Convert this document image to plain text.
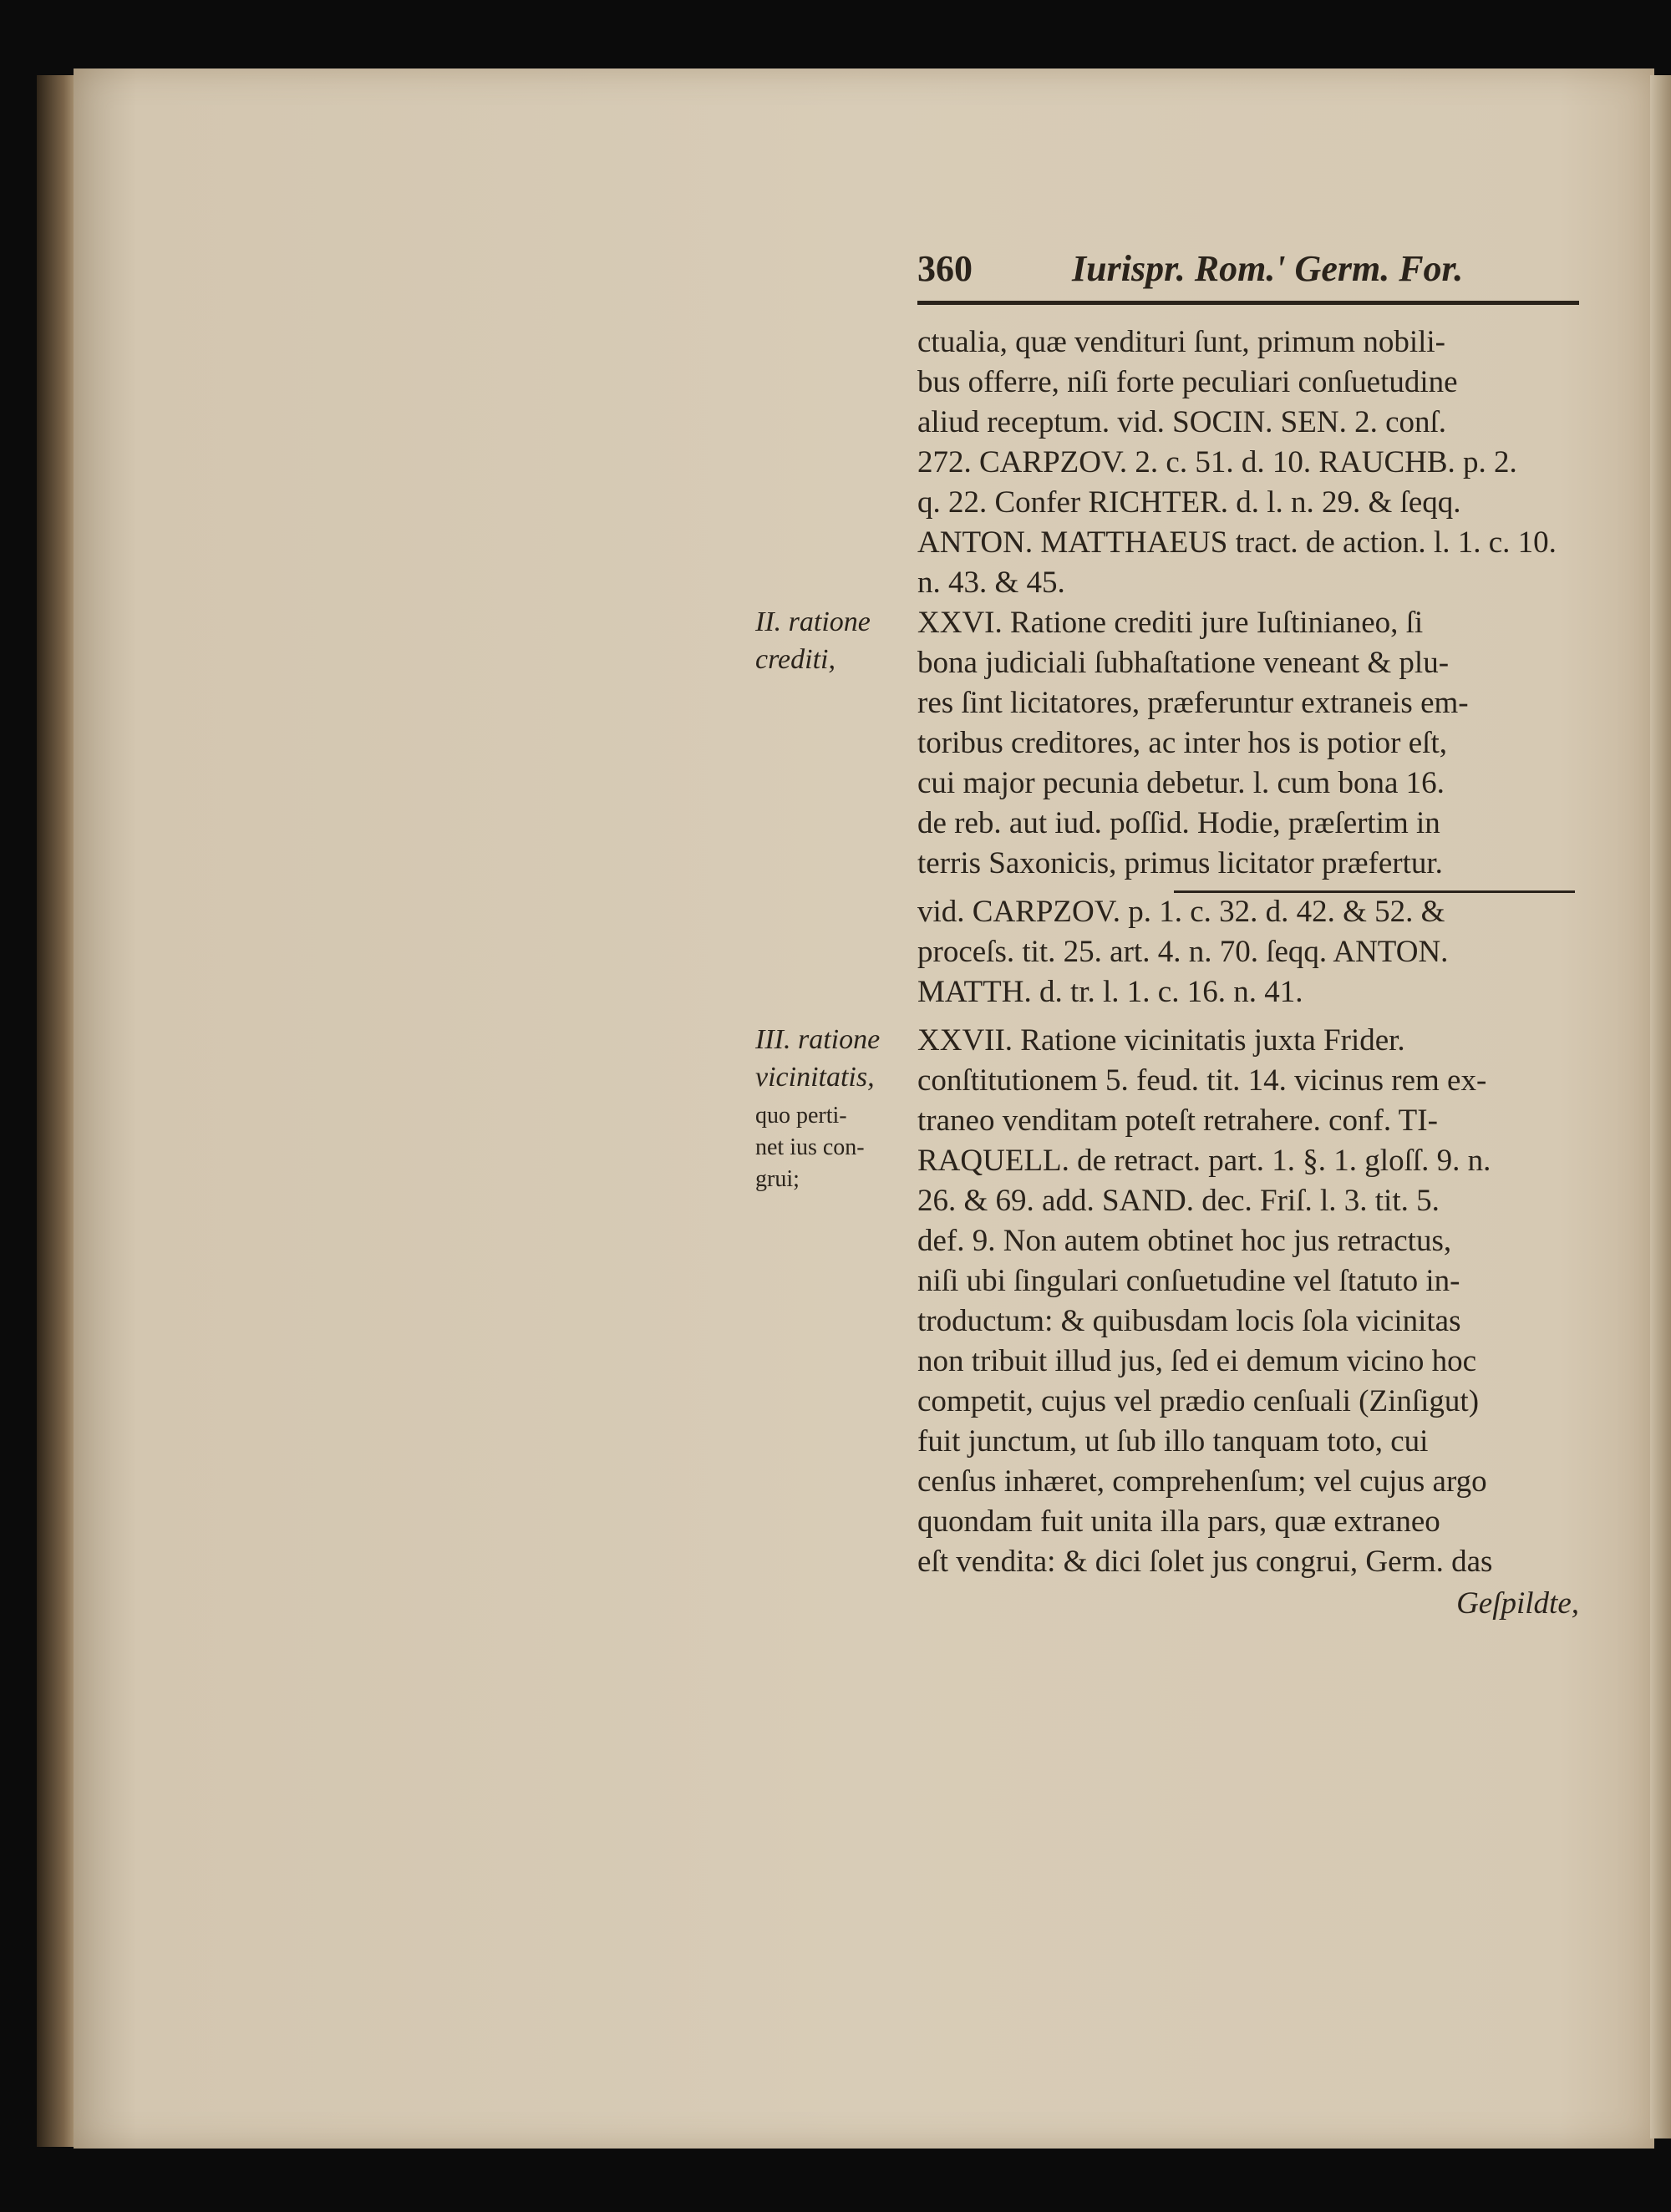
360	Iurispr. Rom.' Germ. For.
ctualia, quæ vendituri ſunt, primum nobili-
bus offerre, niſi forte peculiari conſuetudine
aliud receptum. vid. SOCIN. SEN. 2. conſ.
272. CARPZOV. 2. c. 51. d. 10. RAUCHB. p. 2.
q. 22. Confer RICHTER. d. l. n. 29. & ſeqq.
ANTON. MATTHAEUS tract. de action. l. 1. c. 10.
n. 43. & 45.
XXVI. Ratione crediti jure Iuſtinianeo, ſi
bona judiciali ſubhaſtatione veneant & plu-
res ſint licitatores, præferuntur extraneis em-
toribus creditores, ac inter hos is potior eſt,
cui major pecunia debetur. l. cum bona 16.
de reb. aut iud. poſſid. Hodie, præſertim in
terris Saxonicis, primus licitator præfertur.
vid. CARPZOV. p. 1. c. 32. d. 42. & 52. &
proceſs. tit. 25. art. 4. n. 70. ſeqq. ANTON.
MATTH. d. tr. l. 1. c. 16. n. 41.
XXVII. Ratione vicinitatis juxta Frider.
conſtitutionem 5. feud. tit. 14. vicinus rem ex-
traneo venditam poteſt retrahere. conf. TI-
RAQUELL. de retract. part. 1. §. 1. gloſſ. 9. n.
26. & 69. add. SAND. dec. Friſ. l. 3. tit. 5.
def. 9. Non autem obtinet hoc jus retractus,
niſi ubi ſingulari conſuetudine vel ſtatuto in-
troductum: & quibusdam locis ſola vicinitas
non tribuit illud jus, ſed ei demum vicino hoc
competit, cujus vel prædio cenſuali (Zinſigut)
fuit junctum, ut ſub illo tanquam toto, cui
cenſus inhæret, comprehenſum; vel cujus argo
quondam fuit unita illa pars, quæ extraneo
eſt vendita: & dici ſolet jus congrui, Germ. das
Geſpildte,
II. ratione
crediti,
III. ratione
vicinitatis,
quo perti-
net ius con-
grui;
